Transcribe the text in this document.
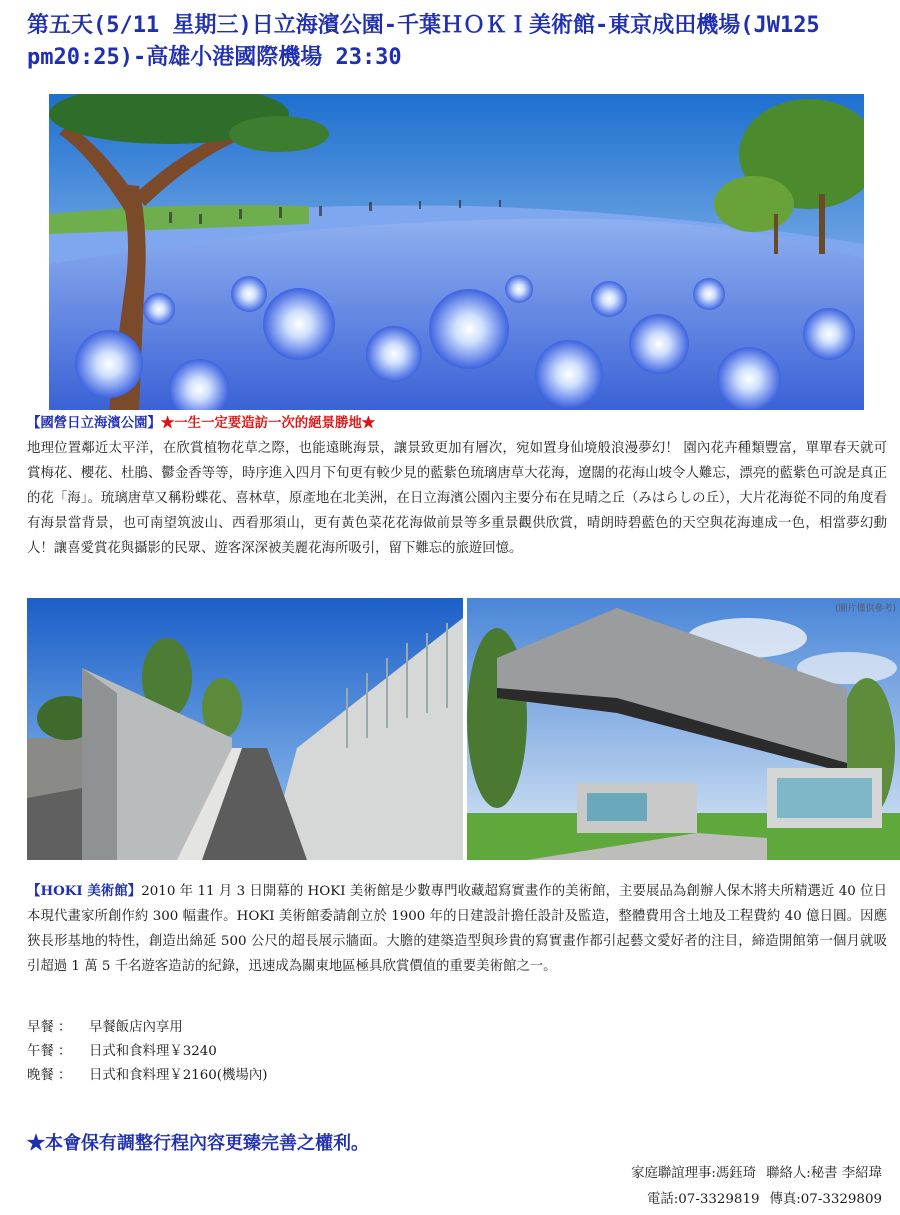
第五天(5/11 星期三)日立海濱公園-千葉ＨＯＫＩ美術館-東京成田機場(JW125 pm20:25)-高雄小港國際機場 23:30
【國營日立海濱公園】★一生一定要造訪一次的絕景勝地★
地理位置鄰近太平洋，在欣賞植物花草之際，也能遠眺海景，讓景致更加有層次，宛如置身仙境般浪漫夢幻！ 園內花卉種類豐富，單單春天就可賞梅花、櫻花、杜鵑、鬱金香等等，時序進入四月下旬更有較少見的藍紫色琉璃唐草大花海，遼闊的花海山坡令人難忘，漂亮的藍紫色可說是真正的花「海」。琉璃唐草又稱粉蝶花、喜林草，原產地在北美洲，在日立海濱公園內主要分布在見晴之丘（みはらしの丘），大片花海從不同的角度看有海景當背景，也可南望筑波山、西看那須山，更有黃色菜花花海做前景等多重景觀供欣賞，晴朗時碧藍色的天空與花海連成一色，相當夢幻動人！讓喜愛賞花與攝影的民眾、遊客深深被美麗花海所吸引，留下難忘的旅遊回憶。
(圖片僅供參考)
【HOKI 美術館】2010 年 11 月 3 日開幕的 HOKI 美術館是少數專門收藏超寫實畫作的美術館，主要展品為創辦人保木將夫所精選近 40 位日本現代畫家所創作約 300 幅畫作。HOKI 美術館委請創立於 1900 年的日建設計擔任設計及監造，整體費用含土地及工程費約 40 億日圓。因應狹長形基地的特性，創造出綿延 500 公尺的超長展示牆面。大膽的建築造型與珍貴的寫實畫作都引起藝文愛好者的注目，締造開館第一個月就吸引超過 1 萬 5 千名遊客造訪的紀錄，迅速成為關東地區極具欣賞價值的重要美術館之一。
早餐 ： 早餐飯店內享用
午餐 ： 日式和食料理￥3240
晚餐 ： 日式和食料理￥2160(機場內)
★本會保有調整行程內容更臻完善之權利。
家庭聯誼理事:馮鈺琦 聯絡人:秘書 李紹瑋
電話:07-3329819 傳真:07-3329809
